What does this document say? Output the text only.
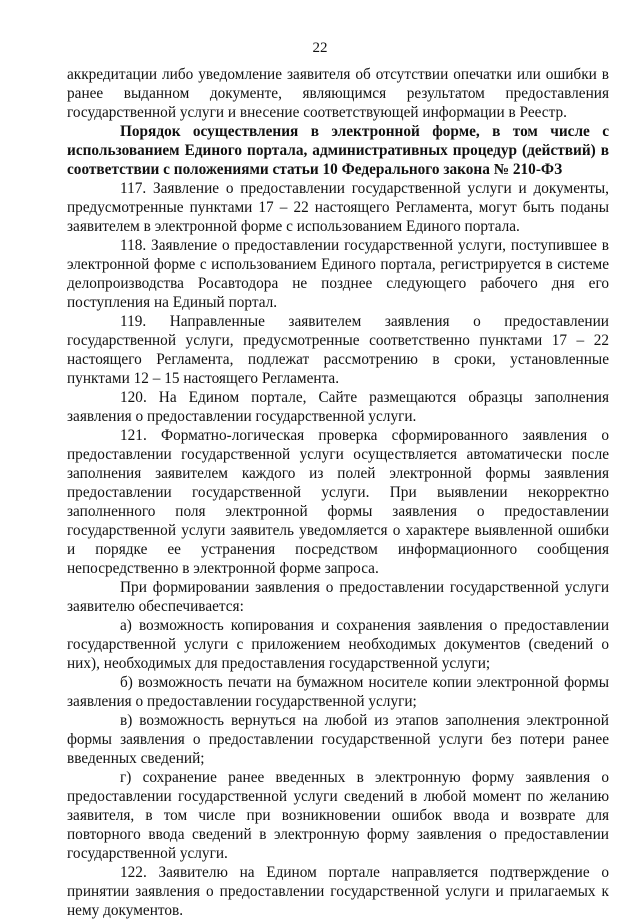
22

аккредитации либо уведомление заявителя об отсутствии опечатки или ошибки в ранее выданном документе, являющимся результатом предоставления государственной услуги и внесение соответствующей информации в Реестр.

Порядок осуществления в электронной форме, в том числе с использованием Единого портала, административных процедур (действий) в соответствии с положениями статьи 10 Федерального закона № 210-ФЗ

117. Заявление о предоставлении государственной услуги и документы, предусмотренные пунктами 17 – 22 настоящего Регламента, могут быть поданы заявителем в электронной форме с использованием Единого портала.

118. Заявление о предоставлении государственной услуги, поступившее в электронной форме с использованием Единого портала, регистрируется в системе делопроизводства Росавтодора не позднее следующего рабочего дня его поступления на Единый портал.

119. Направленные заявителем заявления о предоставлении государственной услуги, предусмотренные соответственно пунктами 17 – 22 настоящего Регламента, подлежат рассмотрению в сроки, установленные пунктами 12 – 15 настоящего Регламента.

120. На Едином портале, Сайте размещаются образцы заполнения заявления о предоставлении государственной услуги.

121. Форматно-логическая проверка сформированного заявления о предоставлении государственной услуги осуществляется автоматически после заполнения заявителем каждого из полей электронной формы заявления предоставлении государственной услуги. При выявлении некорректно заполненного поля электронной формы заявления о предоставлении государственной услуги заявитель уведомляется о характере выявленной ошибки и порядке ее устранения посредством информационного сообщения непосредственно в электронной форме запроса.

При формировании заявления о предоставлении государственной услуги заявителю обеспечивается:

а) возможность копирования и сохранения заявления о предоставлении государственной услуги с приложением необходимых документов (сведений о них), необходимых для предоставления государственной услуги;

б) возможность печати на бумажном носителе копии электронной формы заявления о предоставлении государственной услуги;

в) возможность вернуться на любой из этапов заполнения электронной формы заявления о предоставлении государственной услуги без потери ранее введенных сведений;

г) сохранение ранее введенных в электронную форму заявления о предоставлении государственной услуги сведений в любой момент по желанию заявителя, в том числе при возникновении ошибок ввода и возврате для повторного ввода сведений в электронную форму заявления о предоставлении государственной услуги.

122. Заявителю на Едином портале направляется подтверждение о принятии заявления о предоставлении государственной услуги и прилагаемых к нему документов.
